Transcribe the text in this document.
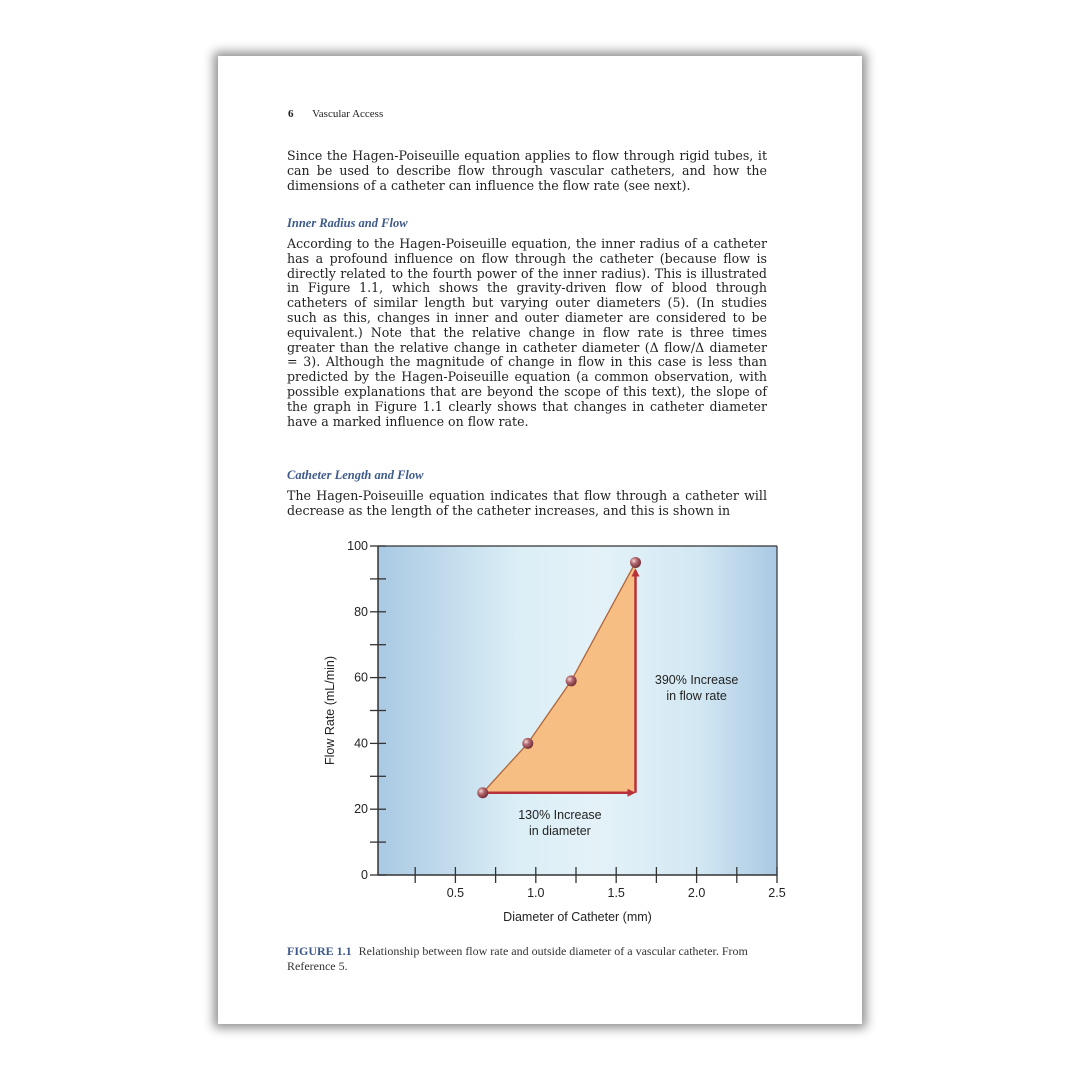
6 Vascular Access
Since the Hagen-Poiseuille equation applies to flow through rigid tubes, it can be used to describe flow through vascular catheters, and how the dimensions of a catheter can influence the flow rate (see next).
Inner Radius and Flow
According to the Hagen-Poiseuille equation, the inner radius of a catheter has a profound influence on flow through the catheter (because flow is directly related to the fourth power of the inner radius). This is illustrated in Figure 1.1, which shows the gravity-driven flow of blood through catheters of similar length but varying outer diameters (5). (In studies such as this, changes in inner and outer diameter are considered to be equivalent.) Note that the relative change in flow rate is three times greater than the relative change in catheter diameter (Δ flow/Δ diameter = 3). Although the magnitude of change in flow in this case is less than predicted by the Hagen-Poiseuille equation (a common observation, with possible explanations that are beyond the scope of this text), the slope of the graph in Figure 1.1 clearly shows that changes in catheter diameter have a marked influence on flow rate.
Catheter Length and Flow
The Hagen-Poiseuille equation indicates that flow through a catheter will decrease as the length of the catheter increases, and this is shown in
0
20
40
60
80
100
0.5	1.0	1.5	2.0	2.5
Diameter of Catheter (mm)
Flow Rate (mL/min)	390% Increase
in flow rate
130% Increase
in diameter
FIGURE 1.1 Relationship between flow rate and outside diameter of a vascular catheter. From Reference 5.
